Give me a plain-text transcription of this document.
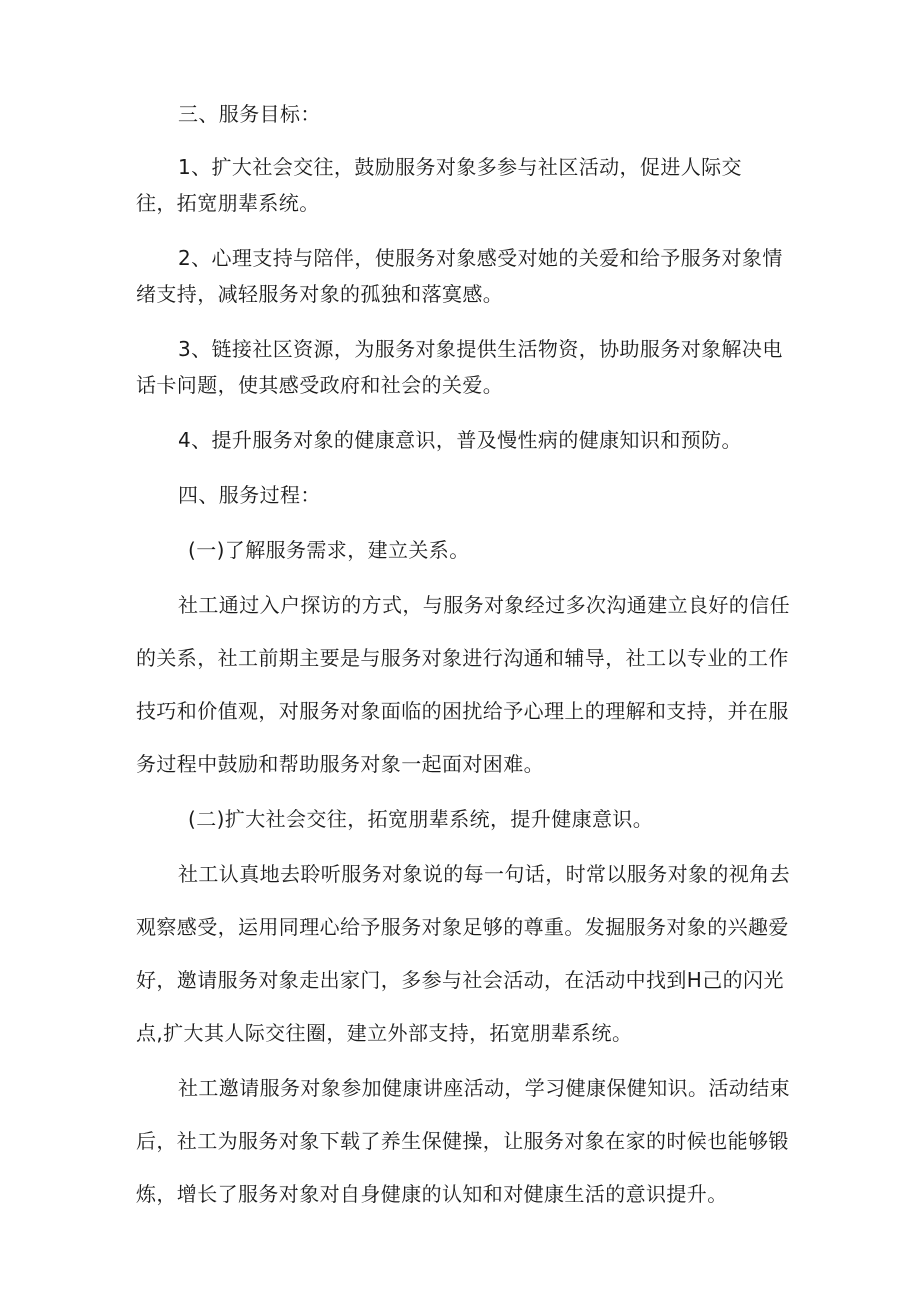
三、服务目标：
1、扩大社会交往，鼓励服务对象多参与社区活动，促进人际交
往，拓宽朋辈系统。
2、心理支持与陪伴，使服务对象感受对她的关爱和给予服务对象情
绪支持，减轻服务对象的孤独和落寞感。
3、链接社区资源，为服务对象提供生活物资，协助服务对象解决电
话卡问题，使其感受政府和社会的关爱。
4、提升服务对象的健康意识，普及慢性病的健康知识和预防。
四、服务过程：
(一)了解服务需求，建立关系。
社工通过入户探访的方式，与服务对象经过多次沟通建立良好的信任
的关系，社工前期主要是与服务对象进行沟通和辅导，社工以专业的工作
技巧和价值观，对服务对象面临的困扰给予心理上的理解和支持，并在服
务过程中鼓励和帮助服务对象一起面对困难。
(二)扩大社会交往，拓宽朋辈系统，提升健康意识。
社工认真地去聆听服务对象说的每一句话，时常以服务对象的视角去
观察感受，运用同理心给予服务对象足够的尊重。发掘服务对象的兴趣爱
好，邀请服务对象走出家门，多参与社会活动，在活动中找到H己的闪光
点,扩大其人际交往圈，建立外部支持，拓宽朋辈系统。
社工邀请服务对象参加健康讲座活动，学习健康保健知识。活动结束
后，社工为服务对象下载了养生保健操，让服务对象在家的时候也能够锻
炼，增长了服务对象对自身健康的认知和对健康生活的意识提升。
